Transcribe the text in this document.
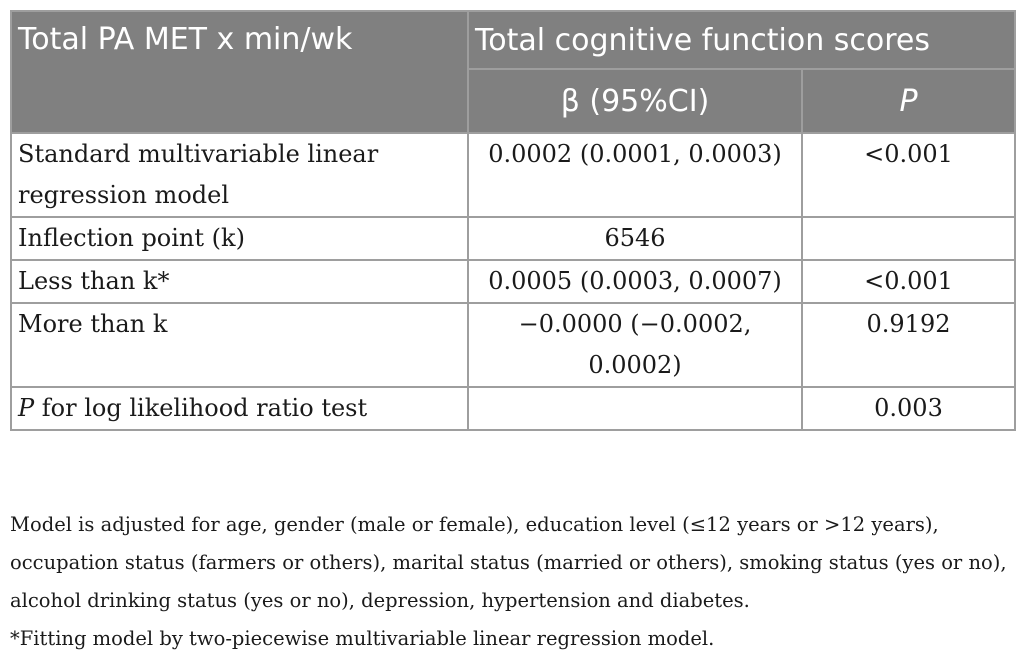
Total PA MET x min/wk	Total cognitive function scores	
	β (95%CI)	P
Standard multivariable linear regression model	0.0002 (0.0001, 0.0003)	<0.001
Inflection point (k)	6546	
Less than k*	0.0005 (0.0003, 0.0007)	<0.001
More than k	−0.0000 (−0.0002, 0.0002)	0.9192
P for log likelihood ratio test		0.003

Model is adjusted for age, gender (male or female), education level (≤12 years or >12 years), occupation status (farmers or others), marital status (married or others), smoking status (yes or no), alcohol drinking status (yes or no), depression, hypertension and diabetes.

*Fitting model by two-piecewise multivariable linear regression model.
